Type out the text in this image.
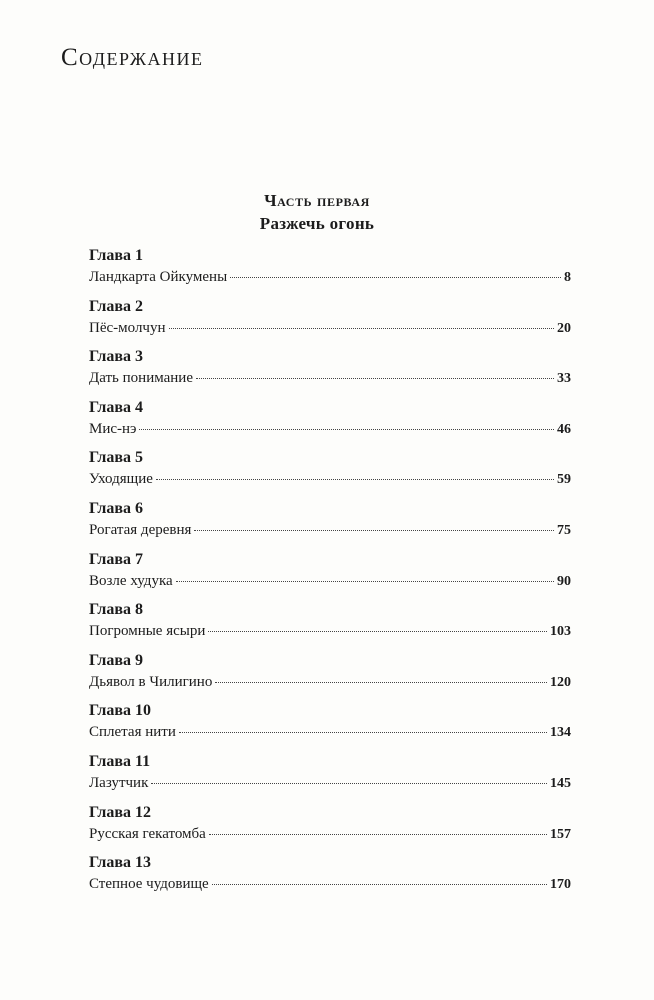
Содержание
Часть первая
Разжечь огонь
Глава 1
Ландкарта Ойкумены	8
Глава 2
Пёс-молчун	20
Глава 3
Дать понимание	33
Глава 4
Мис-нэ	46
Глава 5
Уходящие	59
Глава 6
Рогатая деревня	75
Глава 7
Возле худука	90
Глава 8
Погромные ясыри	103
Глава 9
Дьявол в Чилигино	120
Глава 10
Сплетая нити	134
Глава 11
Лазутчик	145
Глава 12
Русская гекатомба	157
Глава 13
Степное чудовище	170
